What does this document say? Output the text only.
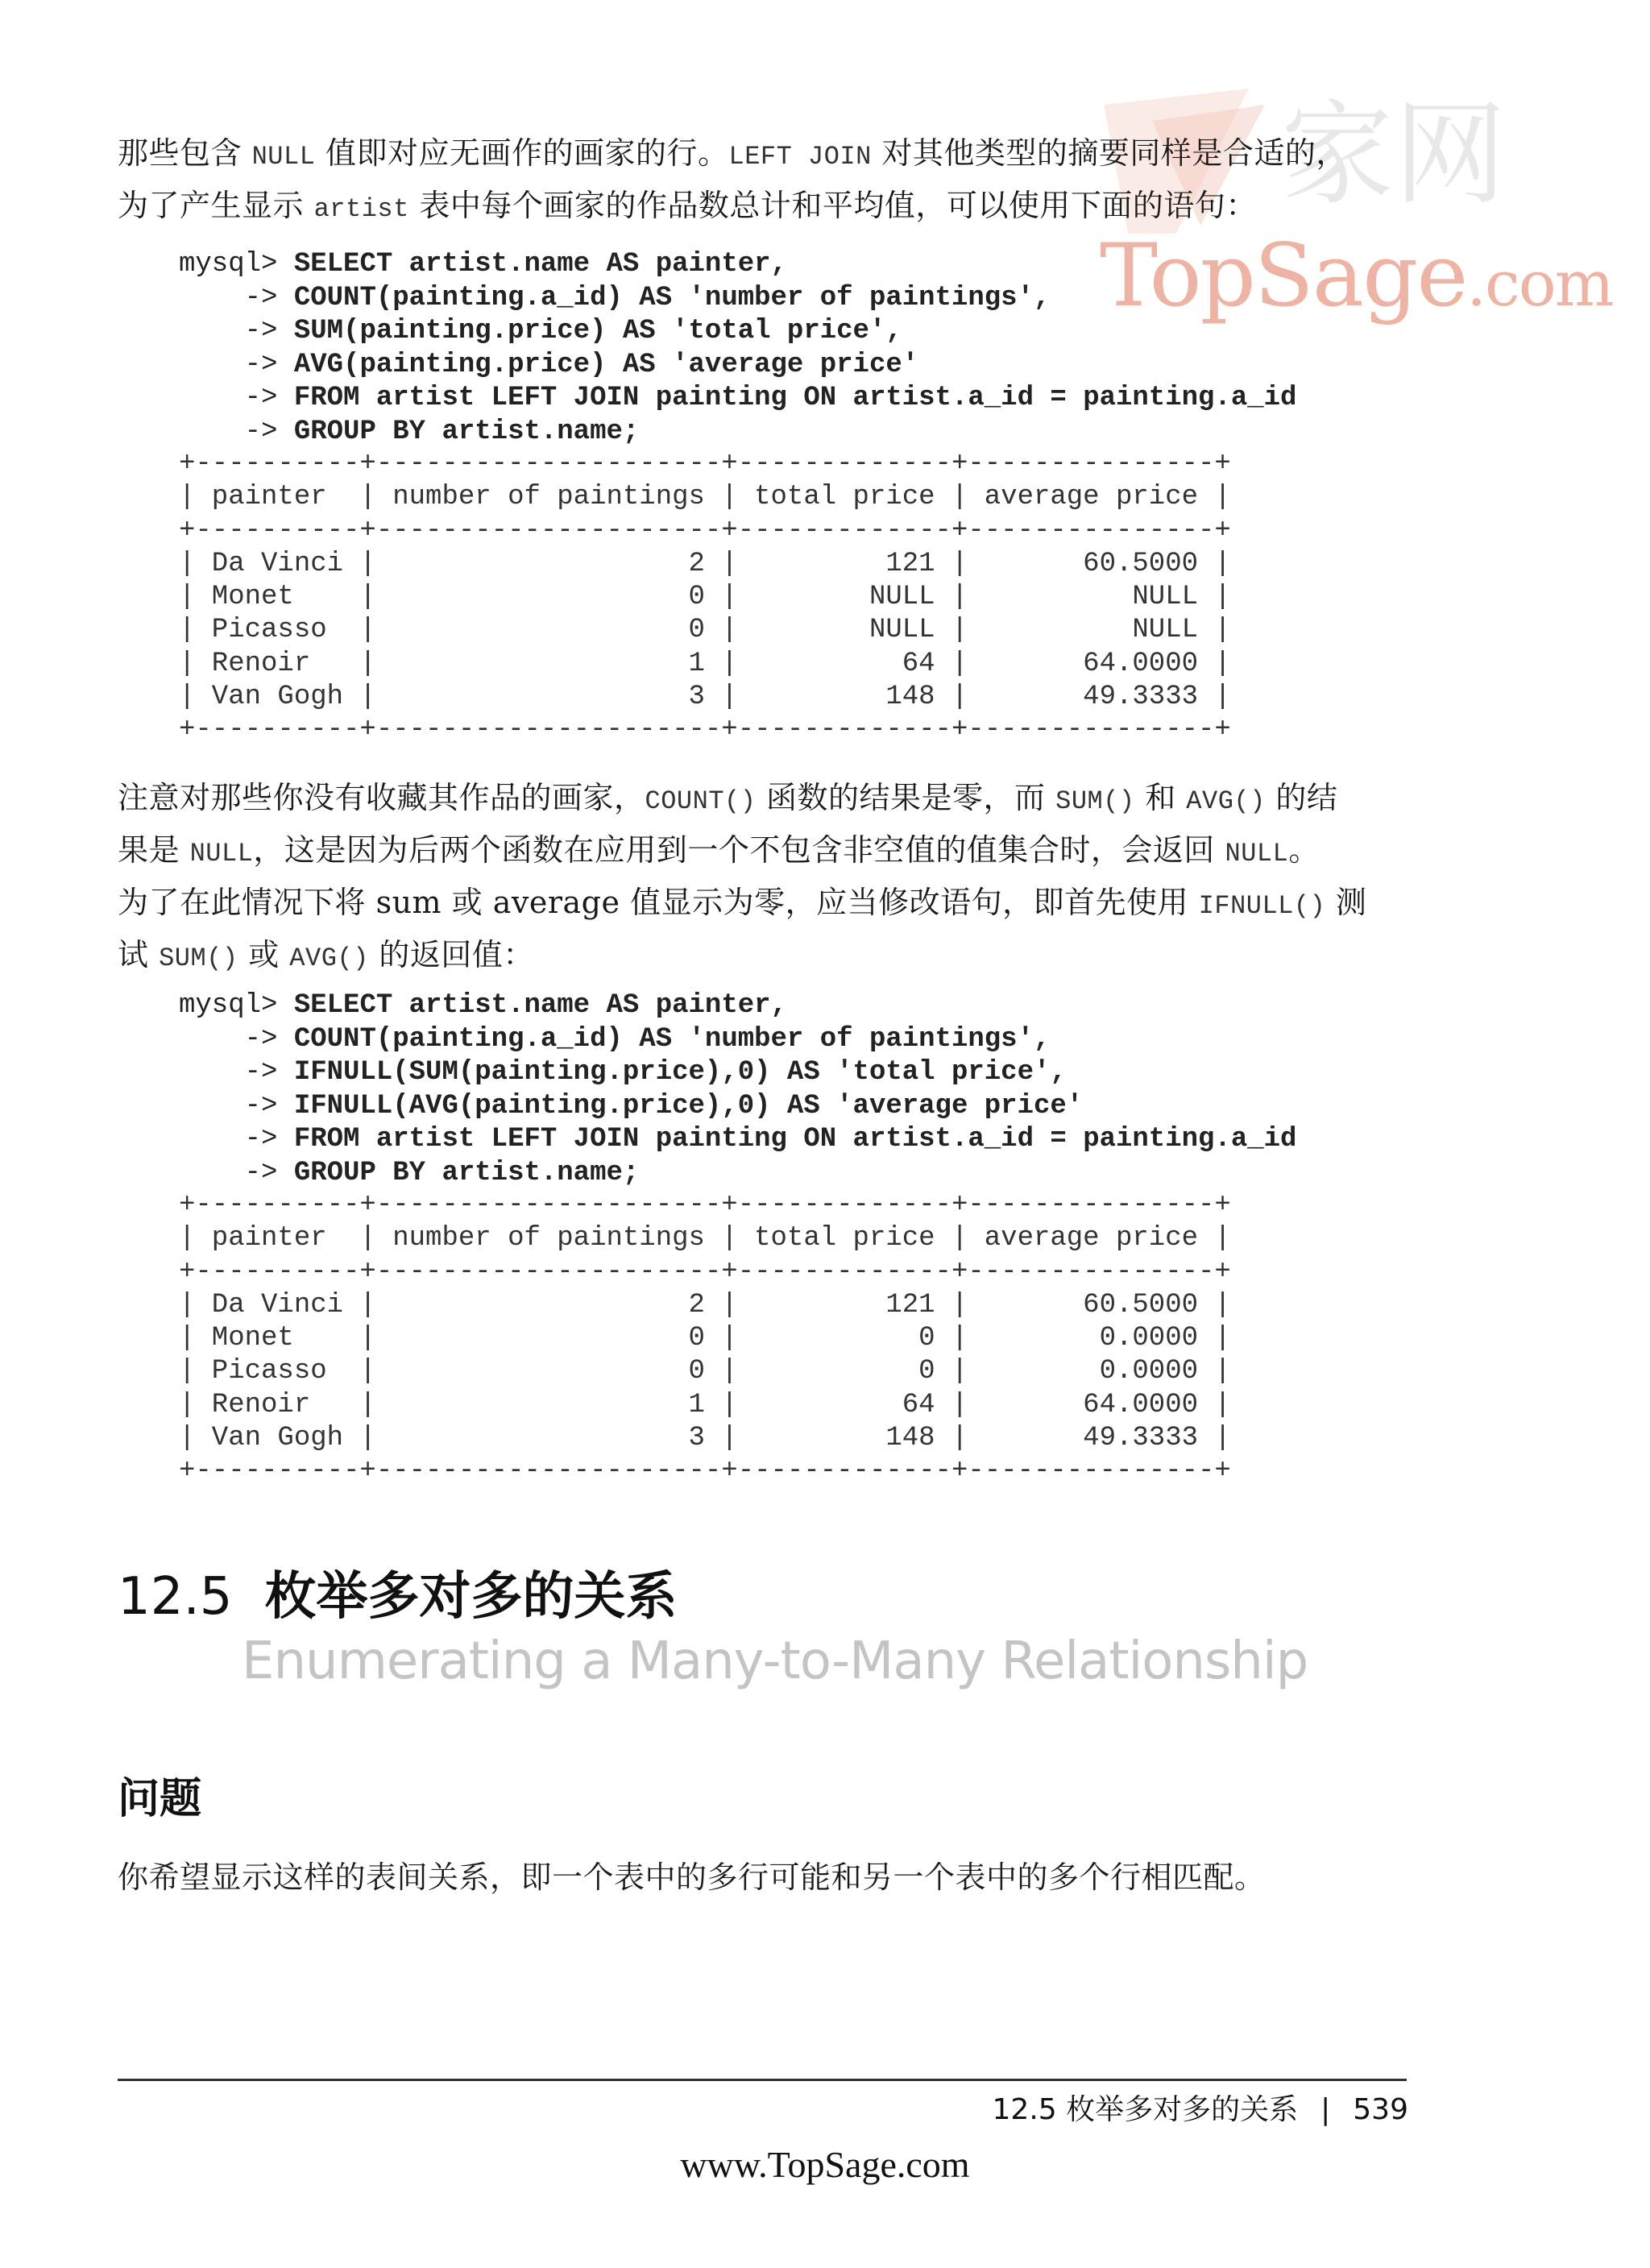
家网
TopSage.com
那些包含 NULL 值即对应无画作的画家的行。LEFT JOIN 对其他类型的摘要同样是合适的，
为了产生显示 artist 表中每个画家的作品数总计和平均值，可以使用下面的语句：
mysql> SELECT artist.name AS painter,
-> COUNT(painting.a_id) AS 'number of paintings',
-> SUM(painting.price) AS 'total price',
-> AVG(painting.price) AS 'average price'
-> FROM artist LEFT JOIN painting ON artist.a_id = painting.a_id
-> GROUP BY artist.name;
+----------+---------------------+-------------+---------------+
| painter  | number of paintings | total price | average price |
+----------+---------------------+-------------+---------------+
| Da Vinci |                   2 |         121 |       60.5000 |
| Monet    |                   0 |        NULL |          NULL |
| Picasso  |                   0 |        NULL |          NULL |
| Renoir   |                   1 |          64 |       64.0000 |
| Van Gogh |                   3 |         148 |       49.3333 |
+----------+---------------------+-------------+---------------+
注意对那些你没有收藏其作品的画家，COUNT() 函数的结果是零，而 SUM() 和 AVG() 的结
果是 NULL，这是因为后两个函数在应用到一个不包含非空值的值集合时，会返回 NULL。
为了在此情况下将 sum 或 average 值显示为零，应当修改语句，即首先使用 IFNULL() 测
试 SUM() 或 AVG() 的返回值：
mysql> SELECT artist.name AS painter,
-> COUNT(painting.a_id) AS 'number of paintings',
-> IFNULL(SUM(painting.price),0) AS 'total price',
-> IFNULL(AVG(painting.price),0) AS 'average price'
-> FROM artist LEFT JOIN painting ON artist.a_id = painting.a_id
-> GROUP BY artist.name;
+----------+---------------------+-------------+---------------+
| painter  | number of paintings | total price | average price |
+----------+---------------------+-------------+---------------+
| Da Vinci |                   2 |         121 |       60.5000 |
| Monet    |                   0 |           0 |        0.0000 |
| Picasso  |                   0 |           0 |        0.0000 |
| Renoir   |                   1 |          64 |       64.0000 |
| Van Gogh |                   3 |         148 |       49.3333 |
+----------+---------------------+-------------+---------------+
12.5 枚举多对多的关系
Enumerating a Many-to-Many Relationship
问题
你希望显示这样的表间关系，即一个表中的多行可能和另一个表中的多个行相匹配。
12.5 枚举多对多的关系 | 539
www.TopSage.com
